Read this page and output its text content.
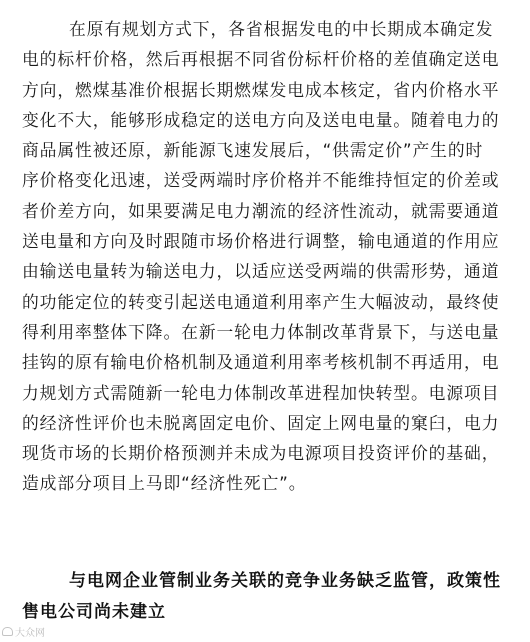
在原有规划方式下，各省根据发电的中长期成本确定发
电的标杆价格，然后再根据不同省份标杆价格的差值确定送电
方向，燃煤基准价根据长期燃煤发电成本核定，省内价格水平
变化不大，能够形成稳定的送电方向及送电电量。随着电力的
商品属性被还原，新能源飞速发展后，“供需定价”产生的时
序价格变化迅速，送受两端时序价格并不能维持恒定的价差或
者价差方向，如果要满足电力潮流的经济性流动，就需要通道
送电量和方向及时跟随市场价格进行调整，输电通道的作用应
由输送电量转为输送电力，以适应送受两端的供需形势，通道
的功能定位的转变引起送电通道利用率产生大幅波动，最终使
得利用率整体下降。在新一轮电力体制改革背景下，与送电量
挂钩的原有输电价格机制及通道利用率考核机制不再适用，电
力规划方式需随新一轮电力体制改革进程加快转型。电源项目
的经济性评价也未脱离固定电价、固定上网电量的窠臼，电力
现货市场的长期价格预测并未成为电源项目投资评价的基础，
造成部分项目上马即“经济性死亡”。
与电网企业管制业务关联的竞争业务缺乏监管，政策性
售电公司尚未建立
大众网
